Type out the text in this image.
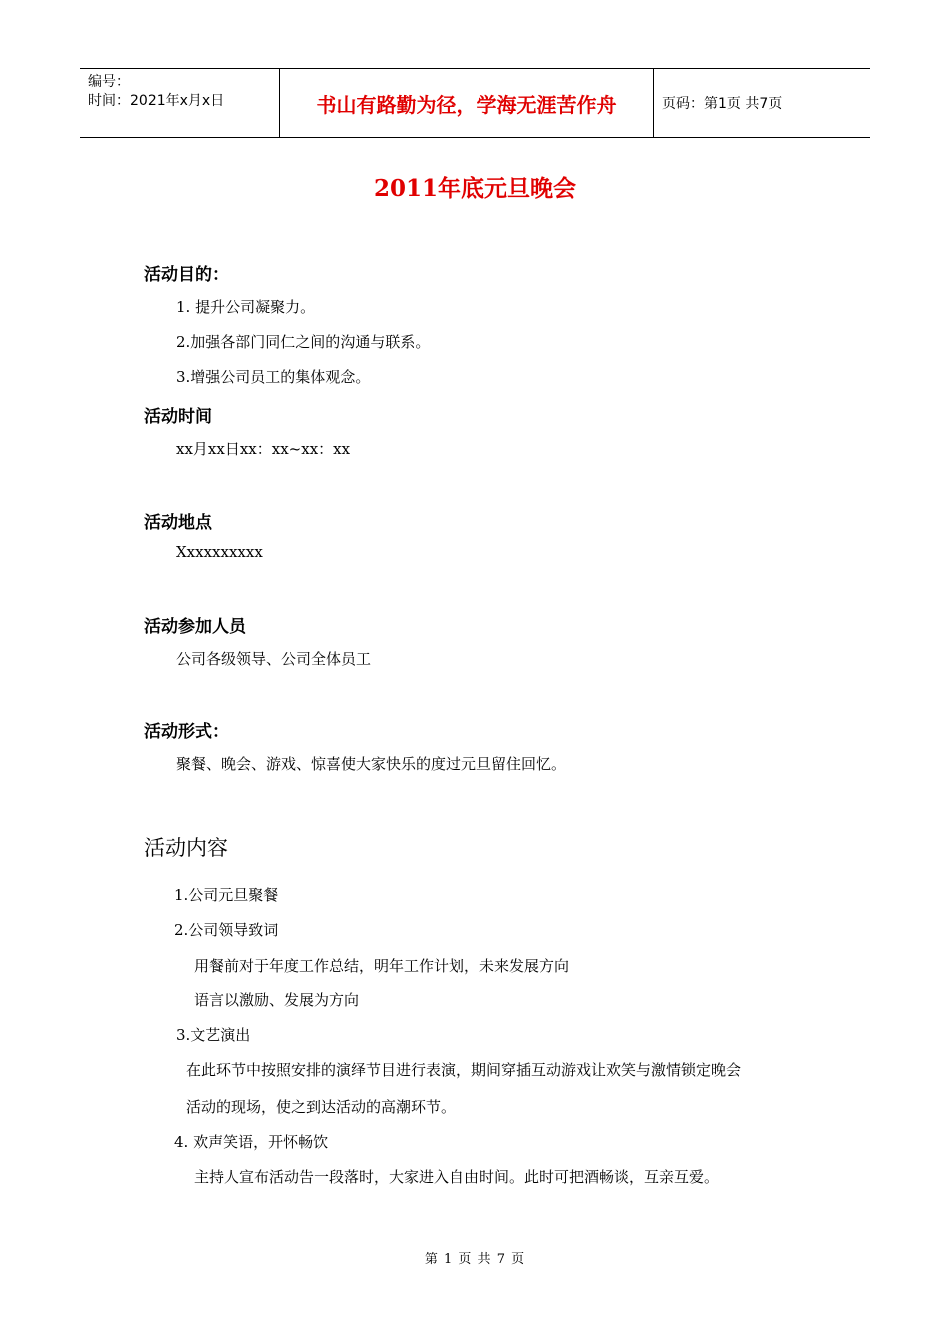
编号：
时间：2021年x月x日	书山有路勤为径，学海无涯苦作舟	页码：第1页 共7页
2011年底元旦晚会
活动目的：
1. 提升公司凝聚力。
2.加强各部门同仁之间的沟通与联系。
3.增强公司员工的集体观念。
活动时间
xx月xx日xx：xx~xx：xx
活动地点
Xxxxxxxxxx
活动参加人员
公司各级领导、公司全体员工
活动形式：
聚餐、晚会、游戏、惊喜使大家快乐的度过元旦留住回忆。
活动内容
1.公司元旦聚餐
2.公司领导致词
用餐前对于年度工作总结，明年工作计划，未来发展方向
语言以激励、发展为方向
3.文艺演出
在此环节中按照安排的演绎节目进行表演，期间穿插互动游戏让欢笑与激情锁定晚会
活动的现场，使之到达活动的高潮环节。
4. 欢声笑语，开怀畅饮
主持人宣布活动告一段落时，大家进入自由时间。此时可把酒畅谈，互亲互爱。
第 1 页 共 7 页
